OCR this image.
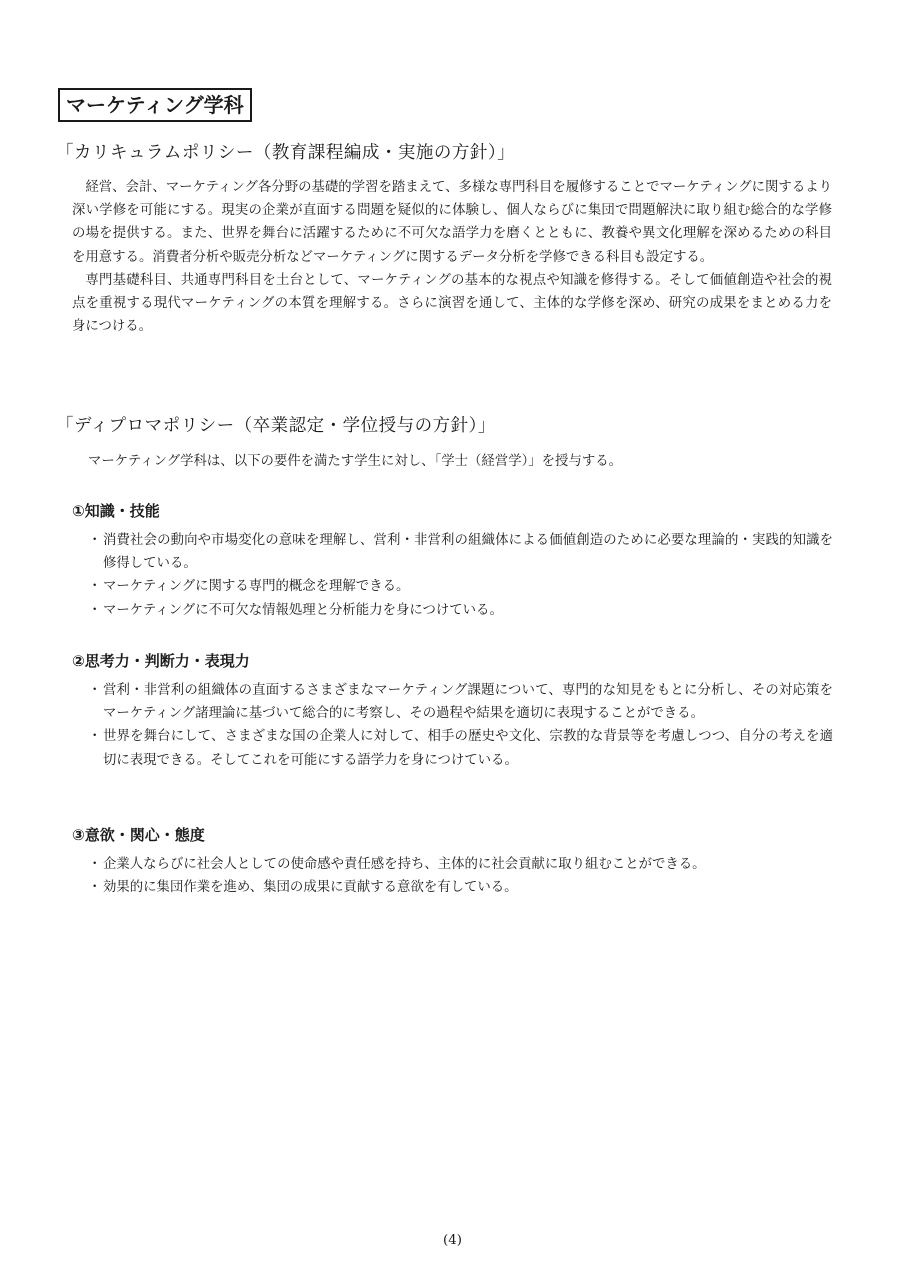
マーケティング学科
「カリキュラムポリシー（教育課程編成・実施の方針）」

経営、会計、マーケティング各分野の基礎的学習を踏まえて、多様な専門科目を履修することでマーケティングに関するより深い学修を可能にする。現実の企業が直面する問題を疑似的に体験し、個人ならびに集団で問題解決に取り組む総合的な学修の場を提供する。また、世界を舞台に活躍するために不可欠な語学力を磨くとともに、教養や異文化理解を深めるための科目を用意する。消費者分析や販売分析などマーケティングに関するデータ分析を学修できる科目も設定する。

専門基礎科目、共通専門科目を土台として、マーケティングの基本的な視点や知識を修得する。そして価値創造や社会的視点を重視する現代マーケティングの本質を理解する。さらに演習を通して、主体的な学修を深め、研究の成果をまとめる力を身につける。

「ディプロマポリシー（卒業認定・学位授与の方針）」
マーケティング学科は、以下の要件を満たす学生に対し、「学士（経営学）」を授与する。
①知識・技能
・ 消費社会の動向や市場変化の意味を理解し、営利・非営利の組織体による価値創造のために必要な理論的・実践的知識を修得している。
・ マーケティングに関する専門的概念を理解できる。
・ マーケティングに不可欠な情報処理と分析能力を身につけている。
②思考力・判断力・表現力
・ 営利・非営利の組織体の直面するさまざまなマーケティング課題について、専門的な知見をもとに分析し、その対応策をマーケティング諸理論に基づいて総合的に考察し、その過程や結果を適切に表現することができる。
・ 世界を舞台にして、さまざまな国の企業人に対して、相手の歴史や文化、宗教的な背景等を考慮しつつ、自分の考えを適切に表現できる。そしてこれを可能にする語学力を身につけている。
③意欲・関心・態度
・ 企業人ならびに社会人としての使命感や責任感を持ち、主体的に社会貢献に取り組むことができる。
・ 効果的に集団作業を進め、集団の成果に貢献する意欲を有している。
(4)
